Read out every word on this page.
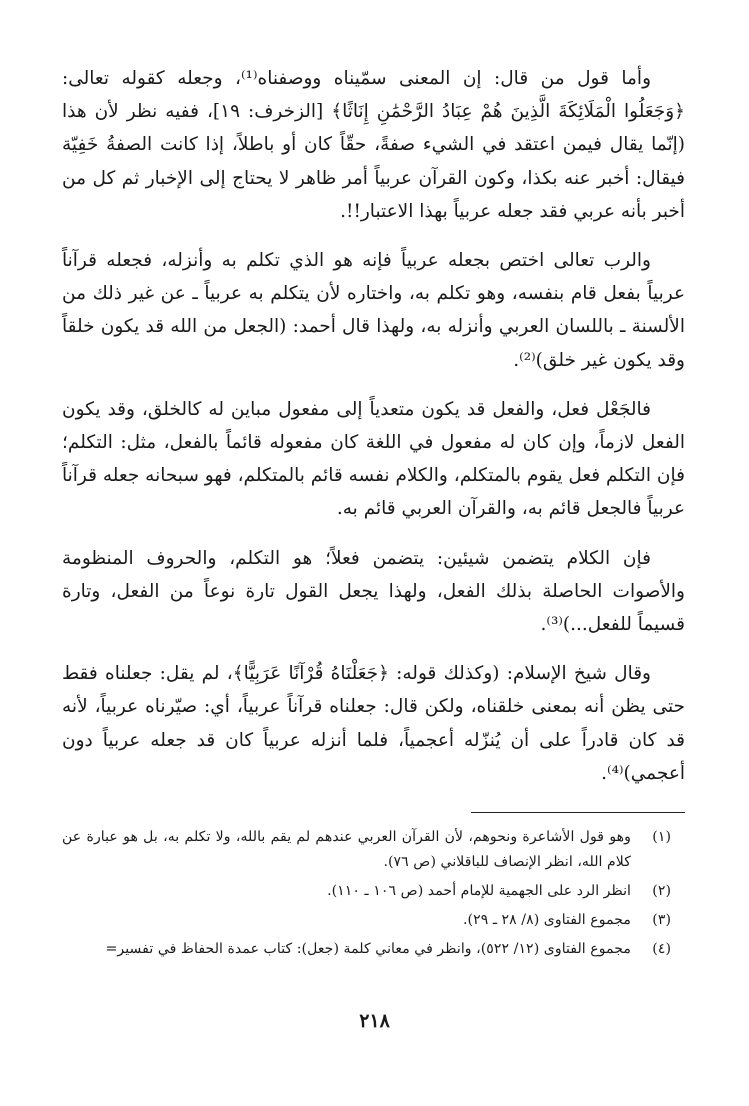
وأما قول من قال: إن المعنى سمّيناه ووصفناه⁽¹⁾، وجعله كقوله تعالى: ﴿وَجَعَلُوا الْمَلَائِكَةَ الَّذِينَ هُمْ عِبَادُ الرَّحْمَٰنِ إِنَاثًا﴾ [الزخرف: ١٩]، ففيه نظر لأن هذا (إنّما يقال فيمن اعتقد في الشيء صفةً، حقّاً كان أو باطلاً، إذا كانت الصفةُ خَفِيّة فيقال: أخبر عنه بكذا، وكون القرآن عربياً أمر ظاهر لا يحتاج إلى الإخبار ثم كل من أخبر بأنه عربي فقد جعله عربياً بهذا الاعتبار!!.

والرب تعالى اختص بجعله عربياً فإنه هو الذي تكلم به وأنزله، فجعله قرآناً عربياً بفعل قام بنفسه، وهو تكلم به، واختاره لأن يتكلم به عربياً ـ عن غير ذلك من الألسنة ـ باللسان العربي وأنزله به، ولهذا قال أحمد: (الجعل من الله قد يكون خلقاً وقد يكون غير خلق)⁽²⁾.

فالجَعْل فعل، والفعل قد يكون متعدياً إلى مفعول مباين له كالخلق، وقد يكون الفعل لازماً، وإن كان له مفعول في اللغة كان مفعوله قائماً بالفعل، مثل: التكلم؛ فإن التكلم فعل يقوم بالمتكلم، والكلام نفسه قائم بالمتكلم، فهو سبحانه جعله قرآناً عربياً فالجعل قائم به، والقرآن العربي قائم به.

فإن الكلام يتضمن شيئين: يتضمن فعلاً؛ هو التكلم، والحروف المنظومة والأصوات الحاصلة بذلك الفعل، ولهذا يجعل القول تارة نوعاً من الفعل، وتارة قسيماً للفعل...)⁽³⁾.

وقال شيخ الإسلام: (وكذلك قوله: ﴿جَعَلْنَاهُ قُرْآنًا عَرَبِيًّا﴾، لم يقل: جعلناه فقط حتى يظن أنه بمعنى خلقناه، ولكن قال: جعلناه قرآناً عربياً، أي: صيّرناه عربياً، لأنه قد كان قادراً على أن يُنزّله أعجمياً، فلما أنزله عربياً كان قد جعله عربياً دون أعجمي)⁽⁴⁾.

(١)
وهو قول الأشاعرة ونحوهم، لأن القرآن العربي عندهم لم يقم بالله، ولا تكلم به، بل هو عبارة عن كلام الله، انظر الإنصاف للباقلاني (ص ٧٦).
(٢)
انظر الرد على الجهمية للإمام أحمد (ص ١٠٦ ـ ١١٠).
(٣)
مجموع الفتاوى (٨/ ٢٨ ـ ٢٩).
(٤)
مجموع الفتاوى (١٢/ ٥٢٢)، وانظر في معاني كلمة (جعل): كتاب عمدة الحفاظ في تفسير=
٢١٨
